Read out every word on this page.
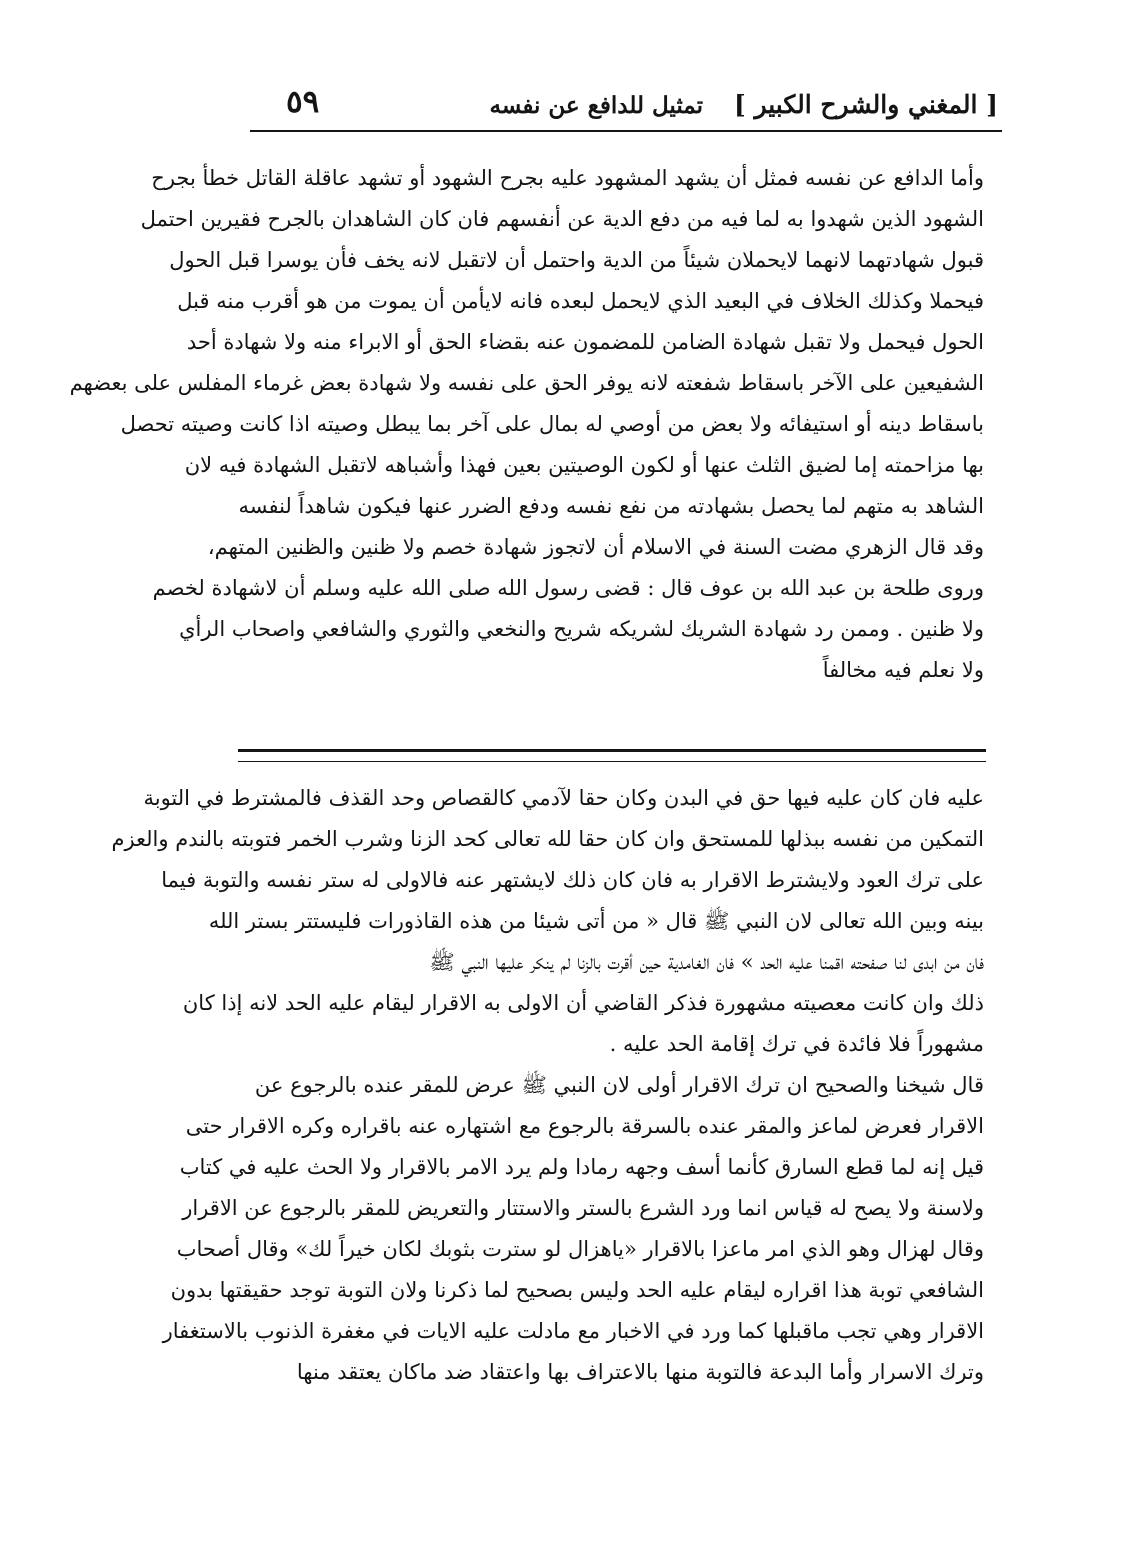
[ المغني والشرح الكبير ]
تمثيل للدافع عن نفسه
٥٩
وأما الدافع عن نفسه فمثل أن يشهد المشهود عليه بجرح الشهود أو تشهد عاقلة القاتل خطأ بجرح
الشهود الذين شهدوا به لما فيه من دفع الدية عن أنفسهم فان كان الشاهدان بالجرح فقيرين احتمل
قبول شهادتهما لانهما لايحملان شيئاً من الدية واحتمل أن لاتقبل لانه يخف فأن يوسرا قبل الحول
فيحملا وكذلك الخلاف في البعيد الذي لايحمل لبعده فانه لايأمن أن يموت من هو أقرب منه قبل
الحول فيحمل ولا تقبل شهادة الضامن للمضمون عنه بقضاء الحق أو الابراء منه ولا شهادة أحد
الشفيعين على الآخر باسقاط شفعته لانه يوفر الحق على نفسه ولا شهادة بعض غرماء المفلس على بعضهم
باسقاط دينه أو استيفائه ولا بعض من أوصي له بمال على آخر بما يبطل وصيته اذا كانت وصيته تحصل
بها مزاحمته إما لضيق الثلث عنها أو لكون الوصيتين بعين فهذا وأشباهه لاتقبل الشهادة فيه لان
الشاهد به متهم لما يحصل بشهادته من نفع نفسه ودفع الضرر عنها فيكون شاهداً لنفسه
وقد قال الزهري مضت السنة في الاسلام أن لاتجوز شهادة خصم ولا ظنين والظنين المتهم،
وروى طلحة بن عبد الله بن عوف قال : قضى رسول الله صلى الله عليه وسلم أن لاشهادة لخصم
ولا ظنين . وممن رد شهادة الشريك لشريكه شريح والنخعي والثوري والشافعي واصحاب الرأي
ولا نعلم فيه مخالفاً
عليه فان كان عليه فيها حق في البدن وكان حقا لآدمي كالقصاص وحد القذف فالمشترط في التوبة
التمكين من نفسه ببذلها للمستحق وان كان حقا لله تعالى كحد الزنا وشرب الخمر فتوبته بالندم والعزم
على ترك العود ولايشترط الاقرار به فان كان ذلك لايشتهر عنه فالاولى له ستر نفسه والتوبة فيما
بينه وبين الله تعالى لان النبي ﷺ قال « من أتى شيئا من هذه القاذورات فليستتر بستر الله
فان من ابدى لنا صفحته اقمنا عليه الحد » فان الغامدية حين أقرت بالزنا لم ينكر عليها النبي ﷺ
ذلك وان كانت معصيته مشهورة فذكر القاضي أن الاولى به الاقرار ليقام عليه الحد لانه إذا كان
مشهوراً فلا فائدة في ترك إقامة الحد عليه .
قال شيخنا والصحيح ان ترك الاقرار أولى لان النبي ﷺ عرض للمقر عنده بالرجوع عن
الاقرار فعرض لماعز والمقر عنده بالسرقة بالرجوع مع اشتهاره عنه باقراره وكره الاقرار حتى
قيل إنه لما قطع السارق كأنما أسف وجهه رمادا ولم يرد الامر بالاقرار ولا الحث عليه في كتاب
ولاسنة ولا يصح له قياس انما ورد الشرع بالستر والاستتار والتعريض للمقر بالرجوع عن الاقرار
وقال لهزال وهو الذي امر ماعزا بالاقرار «ياهزال لو سترت بثوبك لكان خيراً لك» وقال أصحاب
الشافعي توبة هذا اقراره ليقام عليه الحد وليس بصحيح لما ذكرنا ولان التوبة توجد حقيقتها بدون
الاقرار وهي تجب ماقبلها كما ورد في الاخبار مع مادلت عليه الايات في مغفرة الذنوب بالاستغفار
وترك الاسرار وأما البدعة فالتوبة منها بالاعتراف بها واعتقاد ضد ماكان يعتقد منها
